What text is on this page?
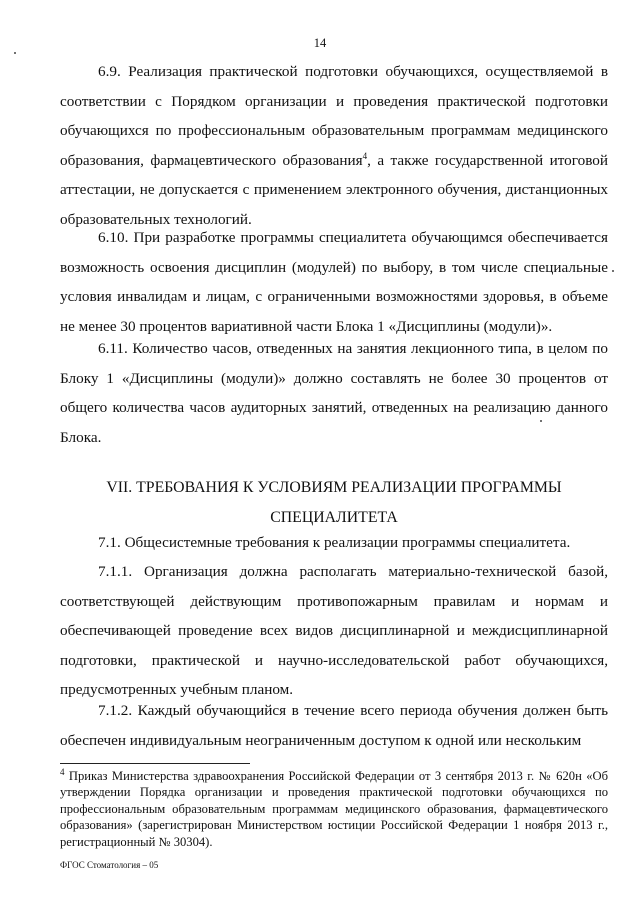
14

6.9. Реализация практической подготовки обучающихся, осуществляемой в соответствии с Порядком организации и проведения практической подготовки обучающихся по профессиональным образовательным программам медицинского образования, фармацевтического образования$^4$, а также государственной итоговой аттестации, не допускается с применением электронного обучения, дистанционных образовательных технологий.

6.10. При разработке программы специалитета обучающимся обеспечивается возможность освоения дисциплин (модулей) по выбору, в том числе специальные условия инвалидам и лицам, с ограниченными возможностями здоровья, в объеме не менее 30 процентов вариативной части Блока 1 «Дисциплины (модули)».

6.11. Количество часов, отведенных на занятия лекционного типа, в целом по Блоку 1 «Дисциплины (модули)» должно составлять не более 30 процентов от общего количества часов аудиторных занятий, отведенных на реализацию данного Блока.

VII. ТРЕБОВАНИЯ К УСЛОВИЯМ РЕАЛИЗАЦИИ ПРОГРАММЫ
СПЕЦИАЛИТЕТА

7.1. Общесистемные требования к реализации программы специалитета.

7.1.1. Организация должна располагать материально-технической базой, соответствующей действующим противопожарным правилам и нормам и обеспечивающей проведение всех видов дисциплинарной и междисциплинарной подготовки, практической и научно-исследовательской работ обучающихся, предусмотренных учебным планом.

7.1.2. Каждый обучающийся в течение всего периода обучения должен быть обеспечен индивидуальным неограниченным доступом к одной или нескольким

$^4$ Приказ Министерства здравоохранения Российской Федерации от 3 сентября 2013 г. № 620н «Об утверждении Порядка организации и проведения практической подготовки обучающихся по профессиональным образовательным программам медицинского образования, фармацевтического образования» (зарегистрирован Министерством юстиции Российской Федерации 1 ноября 2013 г., регистрационный № 30304).

ФГОС Стоматология – 05
